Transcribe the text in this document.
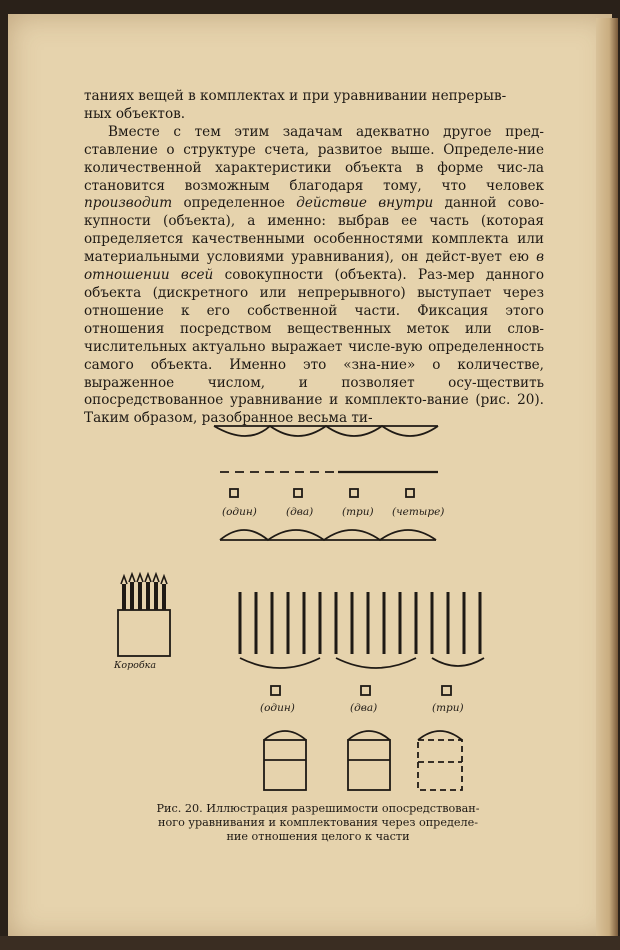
таниях вещей в комплектах и при уравнивании непрерыв-

ных объектов.

Вместе с тем этим задачам адекватно другое пред-ставление о структуре счета, развитое выше. Определе-ние количественной характеристики объекта в форме чис-ла становится возможным благодаря тому, что человек производит определенное действие внутри данной сово-купности (объекта), а именно: выбрав ее часть (которая определяется качественными особенностями комплекта или материальными условиями уравнивания), он дейст-вует ею в отношении всей совокупности (объекта). Раз-мер данного объекта (дискретного или непрерывного) выступает через отношение к его собственной части. Фиксация этого отношения посредством вещественных меток или слов-числительных актуально выражает числе-вую определенность самого объекта. Именно это «зна-ние» о количестве, выраженное числом, и позволяет осу-ществить опосредствованное уравнивание и комплекто-вание (рис. 20). Таким образом, разобранное весьма ти-

(один)	(два)	(три) (четыре)
Коробка
(один)	(два)	(три)
Рис. 20. Иллюстрация разрешимости опосредствован-
ного уравнивания и комплектования через определе-
ние отношения целого к части
